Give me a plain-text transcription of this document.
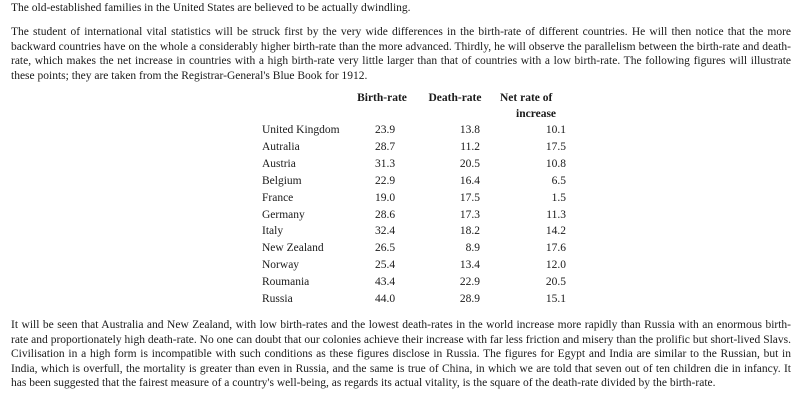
The old-established families in the United States are believed to be actually dwindling.

The student of international vital statistics will be struck first by the very wide differences in the birth-rate of different countries. He will then notice that the more backward countries have on the whole a considerably higher birth-rate than the more advanced. Thirdly, he will observe the parallelism between the birth-rate and death-rate, which makes the net increase in countries with a high birth-rate very little larger than that of countries with a low birth-rate. The following figures will illustrate these points; they are taken from the Registrar-General's Blue Book for 1912.

	Birth-rate	Death-rate	Net rate of
			increase
United Kingdom	23.9	13.8	10.1
Autralia	28.7	11.2	17.5
Austria	31.3	20.5	10.8
Belgium	22.9	16.4	6.5
France	19.0	17.5	1.5
Germany	28.6	17.3	11.3
Italy	32.4	18.2	14.2
New Zealand	26.5	8.9	17.6
Norway	25.4	13.4	12.0
Roumania	43.4	22.9	20.5
Russia	44.0	28.9	15.1

It will be seen that Australia and New Zealand, with low birth-rates and the lowest death-rates in the world increase more rapidly than Russia with an enormous birth-rate and proportionately high death-rate. No one can doubt that our colonies achieve their increase with far less friction and misery than the prolific but short-lived Slavs. Civilisation in a high form is incompatible with such conditions as these figures disclose in Russia. The figures for Egypt and India are similar to the Russian, but in India, which is overfull, the mortality is greater than even in Russia, and the same is true of China, in which we are told that seven out of ten children die in infancy. It has been suggested that the fairest measure of a country's well-being, as regards its actual vitality, is the square of the death-rate divided by the birth-rate.
